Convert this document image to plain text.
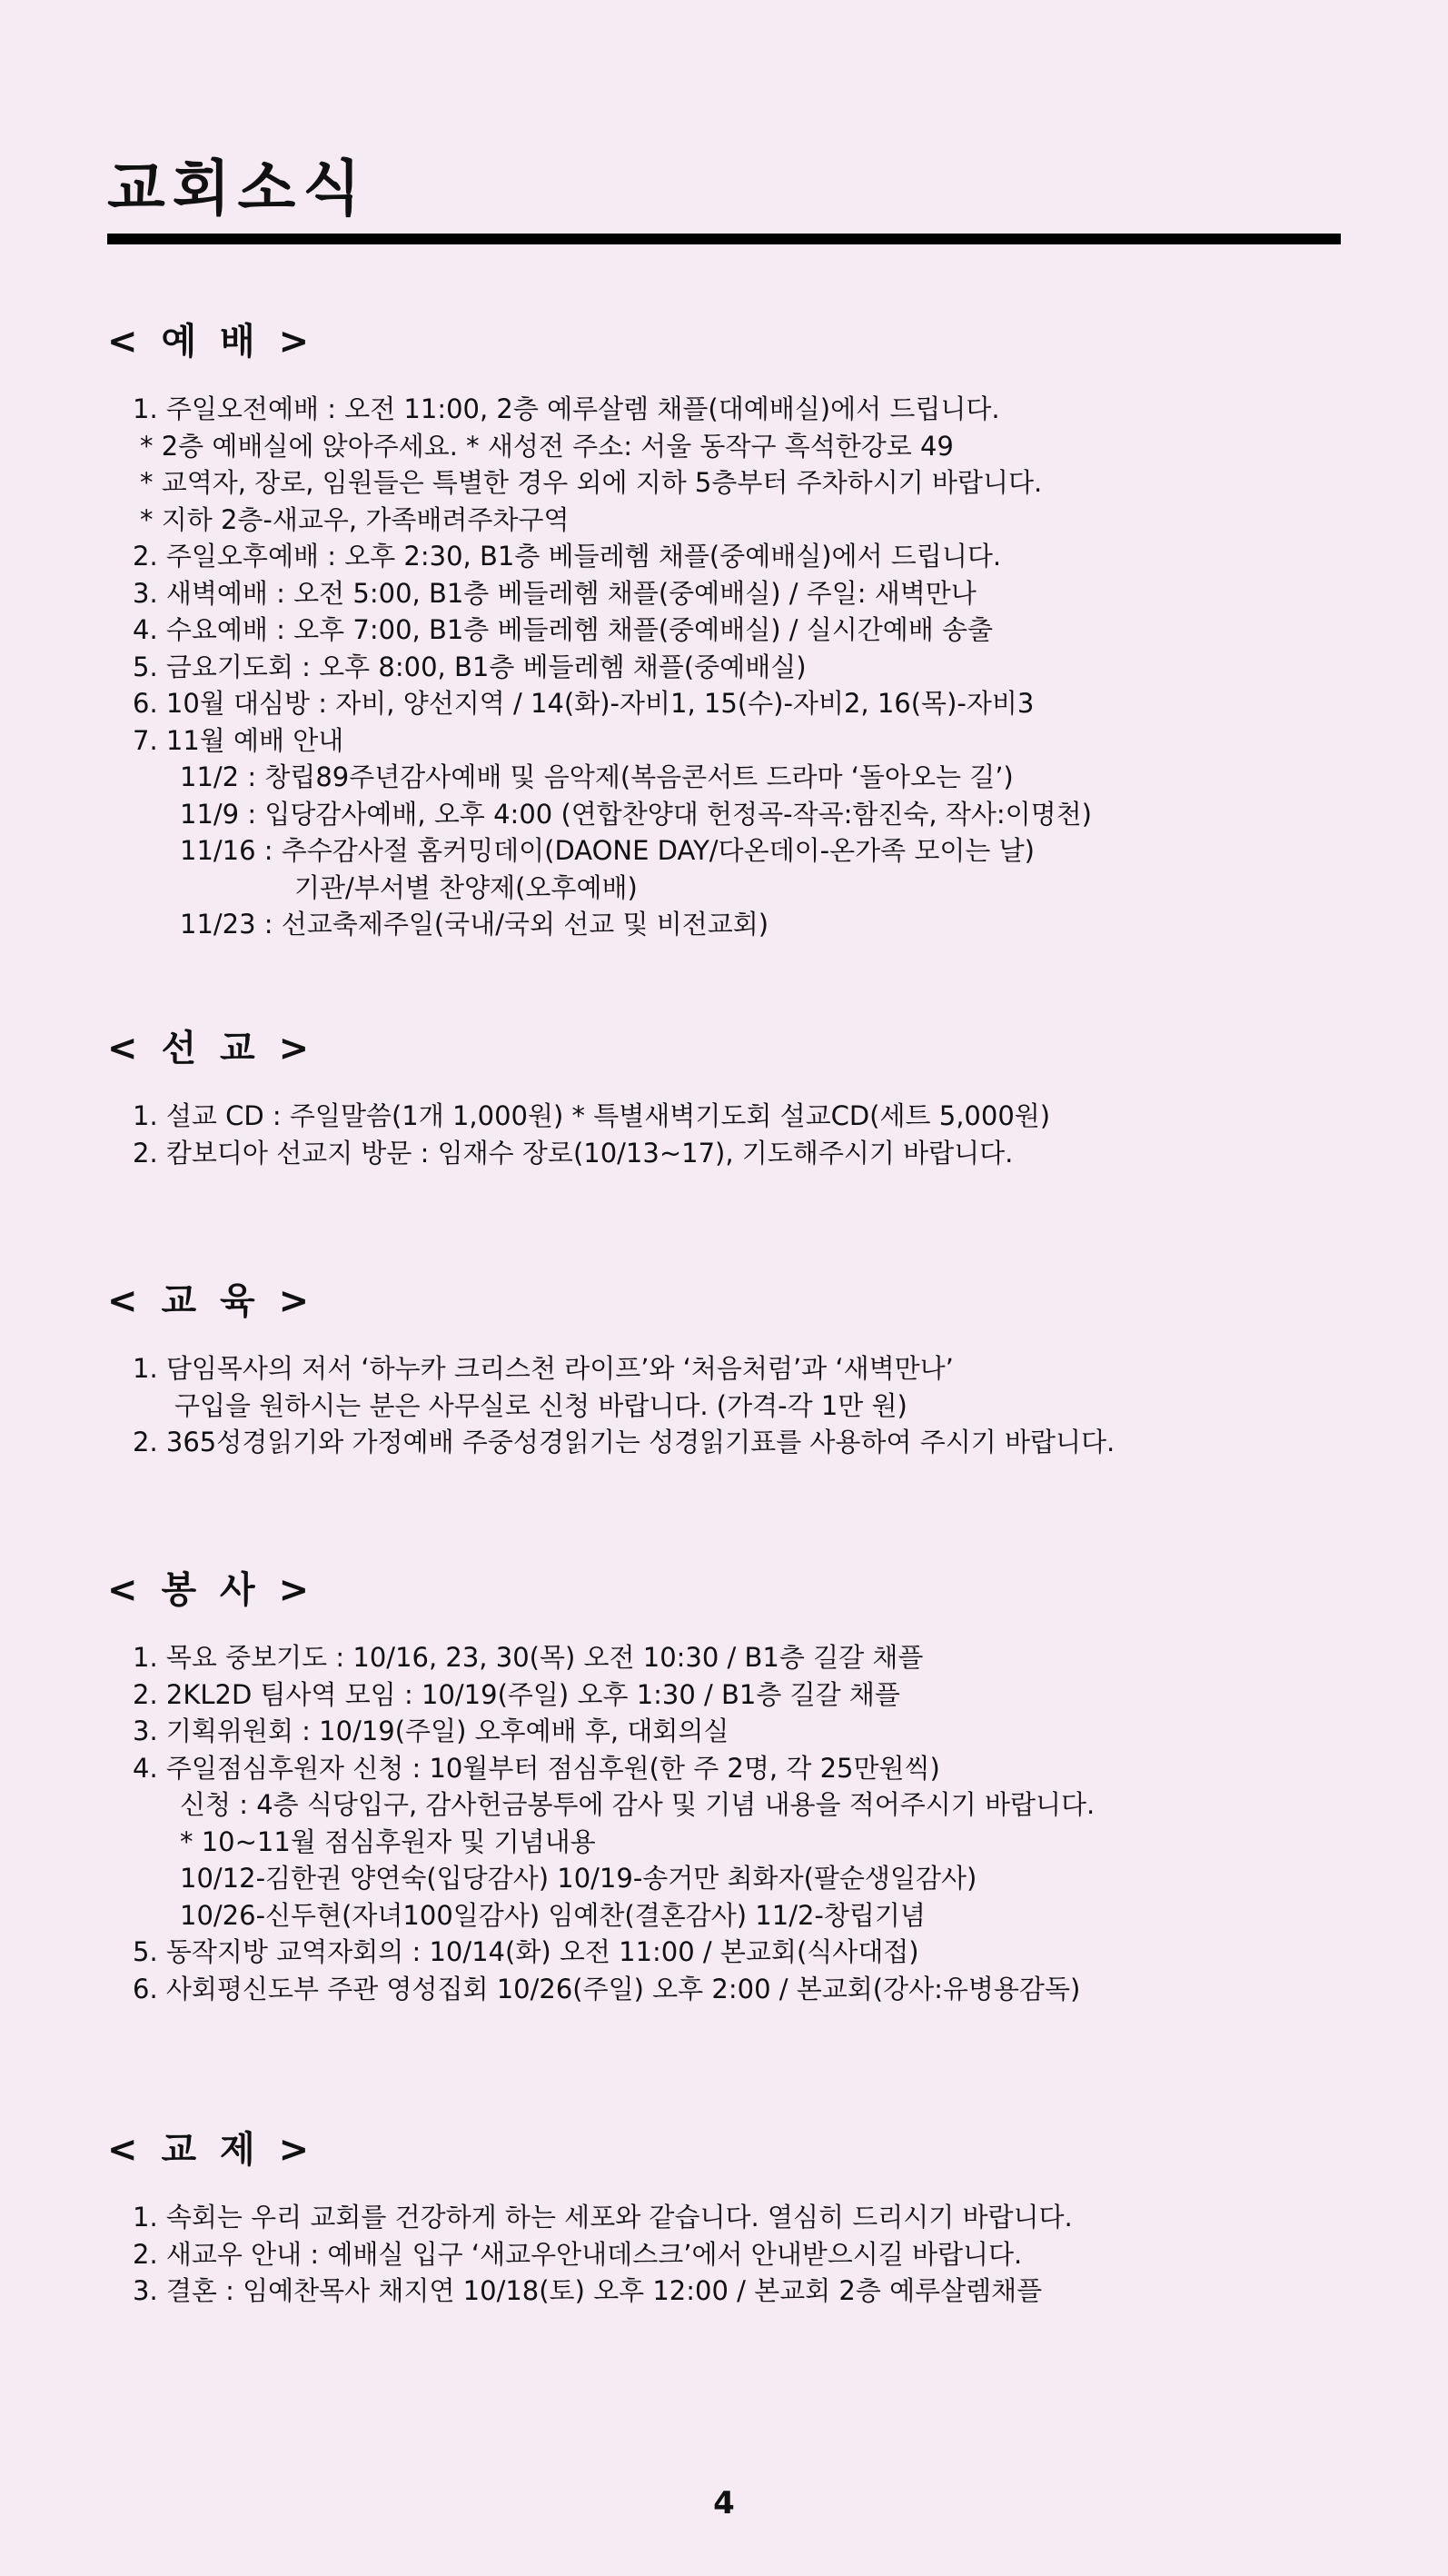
교회소식
< 예 배 >

1. 주일오전예배 : 오전 11:00, 2층 예루살렘 채플(대예배실)에서 드립니다.

* 2층 예배실에 앉아주세요. * 새성전 주소: 서울 동작구 흑석한강로 49

* 교역자, 장로, 임원들은 특별한 경우 외에 지하 5층부터 주차하시기 바랍니다.

* 지하 2층-새교우, 가족배려주차구역

2. 주일오후예배 : 오후 2:30, B1층 베들레헴 채플(중예배실)에서 드립니다.

3. 새벽예배 : 오전 5:00, B1층 베들레헴 채플(중예배실) / 주일: 새벽만나

4. 수요예배 : 오후 7:00, B1층 베들레헴 채플(중예배실) / 실시간예배 송출

5. 금요기도회 : 오후 8:00, B1층 베들레헴 채플(중예배실)

6. 10월 대심방 : 자비, 양선지역 / 14(화)-자비1, 15(수)-자비2, 16(목)-자비3

7. 11월 예배 안내

11/2 : 창립89주년감사예배 및 음악제(복음콘서트 드라마 ‘돌아오는 길’)

11/9 : 입당감사예배, 오후 4:00 (연합찬양대 헌정곡-작곡:함진숙, 작사:이명천)

11/16 : 추수감사절 홈커밍데이(DAONE DAY/다온데이-온가족 모이는 날)

기관/부서별 찬양제(오후예배)

11/23 : 선교축제주일(국내/국외 선교 및 비전교회)

< 선 교 >

1. 설교 CD : 주일말씀(1개 1,000원) * 특별새벽기도회 설교CD(세트 5,000원)

2. 캄보디아 선교지 방문 : 임재수 장로(10/13~17), 기도해주시기 바랍니다.

< 교 육 >

1. 담임목사의 저서 ‘하누카 크리스천 라이프’와 ‘처음처럼’과 ‘새벽만나’

구입을 원하시는 분은 사무실로 신청 바랍니다. (가격-각 1만 원)

2. 365성경읽기와 가정예배 주중성경읽기는 성경읽기표를 사용하여 주시기 바랍니다.

< 봉 사 >

1. 목요 중보기도 : 10/16, 23, 30(목) 오전 10:30 / B1층 길갈 채플

2. 2KL2D 팀사역 모임 : 10/19(주일) 오후 1:30 / B1층 길갈 채플

3. 기획위원회 : 10/19(주일) 오후예배 후, 대회의실

4. 주일점심후원자 신청 : 10월부터 점심후원(한 주 2명, 각 25만원씩)

신청 : 4층 식당입구, 감사헌금봉투에 감사 및 기념 내용을 적어주시기 바랍니다.

* 10~11월 점심후원자 및 기념내용

10/12-김한권 양연숙(입당감사) 10/19-송거만 최화자(팔순생일감사)

10/26-신두현(자녀100일감사) 임예찬(결혼감사) 11/2-창립기념

5. 동작지방 교역자회의 : 10/14(화) 오전 11:00 / 본교회(식사대접)

6. 사회평신도부 주관 영성집회 10/26(주일) 오후 2:00 / 본교회(강사:유병용감독)

< 교 제 >

1. 속회는 우리 교회를 건강하게 하는 세포와 같습니다. 열심히 드리시기 바랍니다.

2. 새교우 안내 : 예배실 입구 ‘새교우안내데스크’에서 안내받으시길 바랍니다.

3. 결혼 : 임예찬목사 채지연 10/18(토) 오후 12:00 / 본교회 2층 예루살렘채플

4
